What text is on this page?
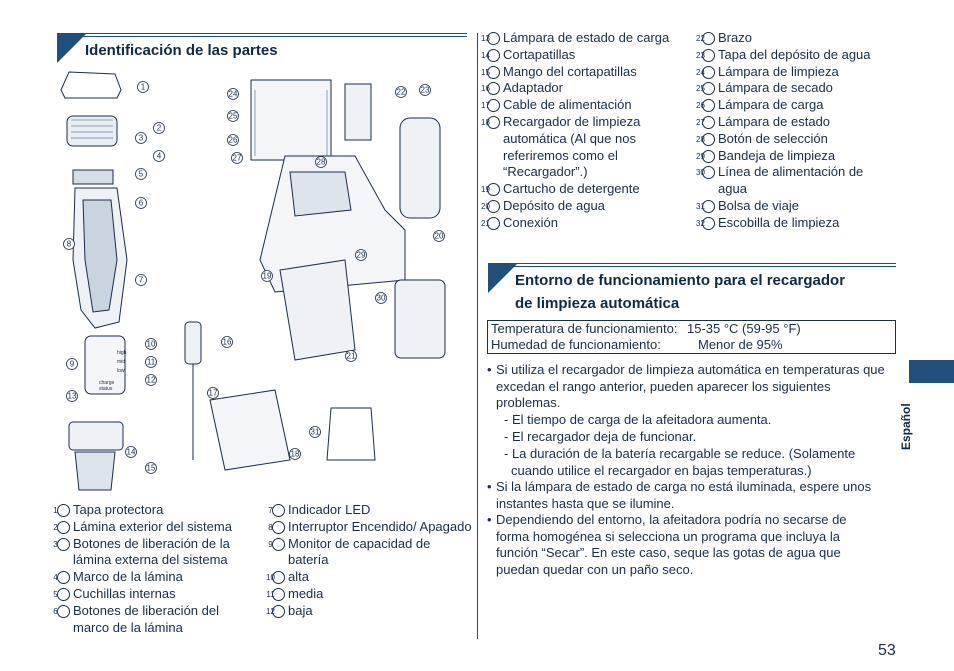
Identificación de las partes
1
2
3
4
5
6
7
8
9
10
11
12
13
14
15
16
17
18
19
20
21
22 23
24
25
26
27	28
29
30
31
high
mid
low
charge
status
1 Tapa protectora
2 Lámina exterior del sistema
3 Botones de liberación de la lámina externa del sistema
4 Marco de la lámina
5 Cuchillas internas
6 Botones de liberación del marco de la lámina
7 Indicador LED
8 Interruptor Encendido/ Apagado
9 Monitor de capacidad de batería
10 alta
11 media
12 baja
13 Lámpara de estado de carga
14 Cortapatillas
15 Mango del cortapatillas
16 Adaptador
17 Cable de alimentación
18 Recargador de limpieza automática (Al que nos referiremos como el “Recargador”.)
19 Cartucho de detergente
20 Depósito de agua
21 Conexión
22 Brazo
23 Tapa del depósito de agua
24 Lámpara de limpieza
25 Lámpara de secado
26 Lámpara de carga
27 Lámpara de estado
28 Botón de selección
29 Bandeja de limpieza
30 Línea de alimentación de agua
31 Bolsa de viaje
32 Escobilla de limpieza
Entorno de funcionamiento para el recargador
de limpieza automática
Temperatura de funcionamiento:	15-35 °C (59-95 °F)
Humedad de funcionamiento:	Menor de 95%
• Si utiliza el recargador de limpieza automática en temperaturas que excedan el rango anterior, pueden aparecer los siguientes problemas.
- El tiempo de carga de la afeitadora aumenta.
- El recargador deja de funcionar.
- La duración de la batería recargable se reduce. (Solamente cuando utilice el recargador en bajas temperaturas.)
• Si la lámpara de estado de carga no está iluminada, espere unos instantes hasta que se ilumine.
• Dependiendo del entorno, la afeitadora podría no secarse de forma homogénea si selecciona un programa que incluya la función “Secar”. En este caso, seque las gotas de agua que puedan quedar con un paño seco.
Español
53
